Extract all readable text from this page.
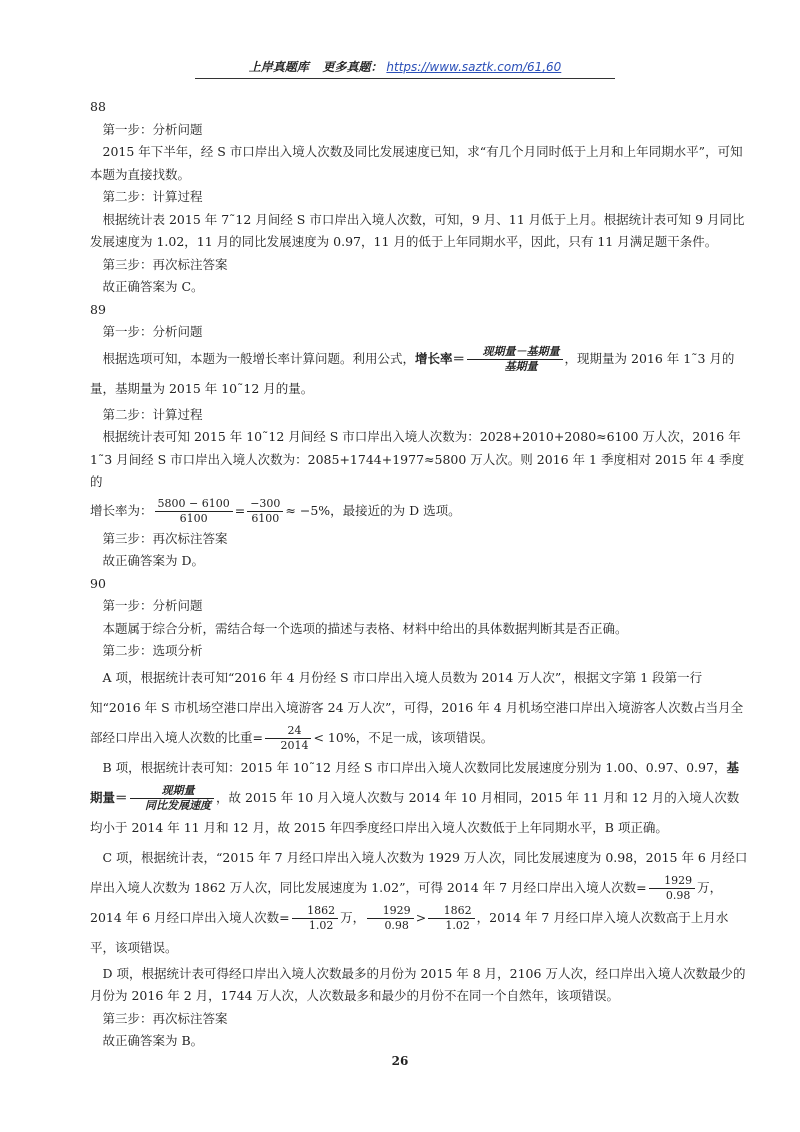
上岸真题库 更多真题： https://www.saztk.com/61,60

88

第一步：分析问题

2015 年下半年，经 S 市口岸出入境人次数及同比发展速度已知，求“有几个月同时低于上月和上年同期水平”，可知本题为直接找数。

第二步：计算过程

根据统计表 2015 年 7˜12 月间经 S 市口岸出入境人次数，可知，9 月、11 月低于上月。根据统计表可知 9 月同比发展速度为 1.02，11 月的同比发展速度为 0.97，11 月的低于上年同期水平，因此，只有 11 月满足题干条件。

第三步：再次标注答案

故正确答案为 C。

89

第一步：分析问题

根据选项可知，本题为一般增长率计算问题。利用公式，增长率＝ $\frac{\text{现期量－基期量}}{\text{基期量}}$ ，现期量为 2016 年 1˜3 月的量，基期量为 2015 年 10˜12 月的量。

第二步：计算过程

根据统计表可知 2015 年 10˜12 月间经 S 市口岸出入境人次数为：2028+2010+2080≈6100 万人次，2016 年 1˜3 月间经 S 市口岸出入境人次数为：2085+1744+1977≈5800 万人次。则 2016 年 1 季度相对 2015 年 4 季度的

增长率为： $\frac{5800 - 6100}{6100} = \frac{-300}{6100} \approx -5\%$，最接近的为 D 选项。

第三步：再次标注答案

故正确答案为 D。

90

第一步：分析问题

本题属于综合分析，需结合每一个选项的描述与表格、材料中给出的具体数据判断其是否正确。

第二步：选项分析

A 项，根据统计表可知“2016 年 4 月份经 S 市口岸出入境人员数为 2014 万人次”，根据文字第 1 段第一行知“2016 年 S 市机场空港口岸出入境游客 24 万人次”，可得，2016 年 4 月机场空港口岸出入境游客人次数占当月全部经口岸出入境人次数的比重= $\frac{24}{2014} < 10\%$，不足一成，该项错误。

B 项，根据统计表可知：2015 年 10˜12 月经 S 市口岸出入境人次数同比发展速度分别为 1.00、0.97、0.97，基期量＝ $\frac{\text{现期量}}{\text{同比发展速度}}$ ，故 2015 年 10 月入境人次数与 2014 年 10 月相同，2015 年 11 月和 12 月的入境人次数均小于 2014 年 11 月和 12 月，故 2015 年四季度经口岸出入境人次数低于上年同期水平，B 项正确。

C 项，根据统计表，“2015 年 7 月经口岸出入境人次数为 1929 万人次，同比发展速度为 0.98，2015 年 6 月经口岸出入境人次数为 1862 万人次，同比发展速度为 1.02”，可得 2014 年 7 月经口岸出入境人次数= $\frac{1929}{0.98}$ 万，2014 年 6 月经口岸出入境人次数= $\frac{1862}{1.02}$ 万， $\frac{1929}{0.98} > \frac{1862}{1.02}$ ，2014 年 7 月经口岸入境人次数高于上月水平，该项错误。

D 项，根据统计表可得经口岸出入境人次数最多的月份为 2015 年 8 月，2106 万人次，经口岸出入境人次数最少的月份为 2016 年 2 月，1744 万人次，人次数最多和最少的月份不在同一个自然年，该项错误。

第三步：再次标注答案

故正确答案为 B。

26
